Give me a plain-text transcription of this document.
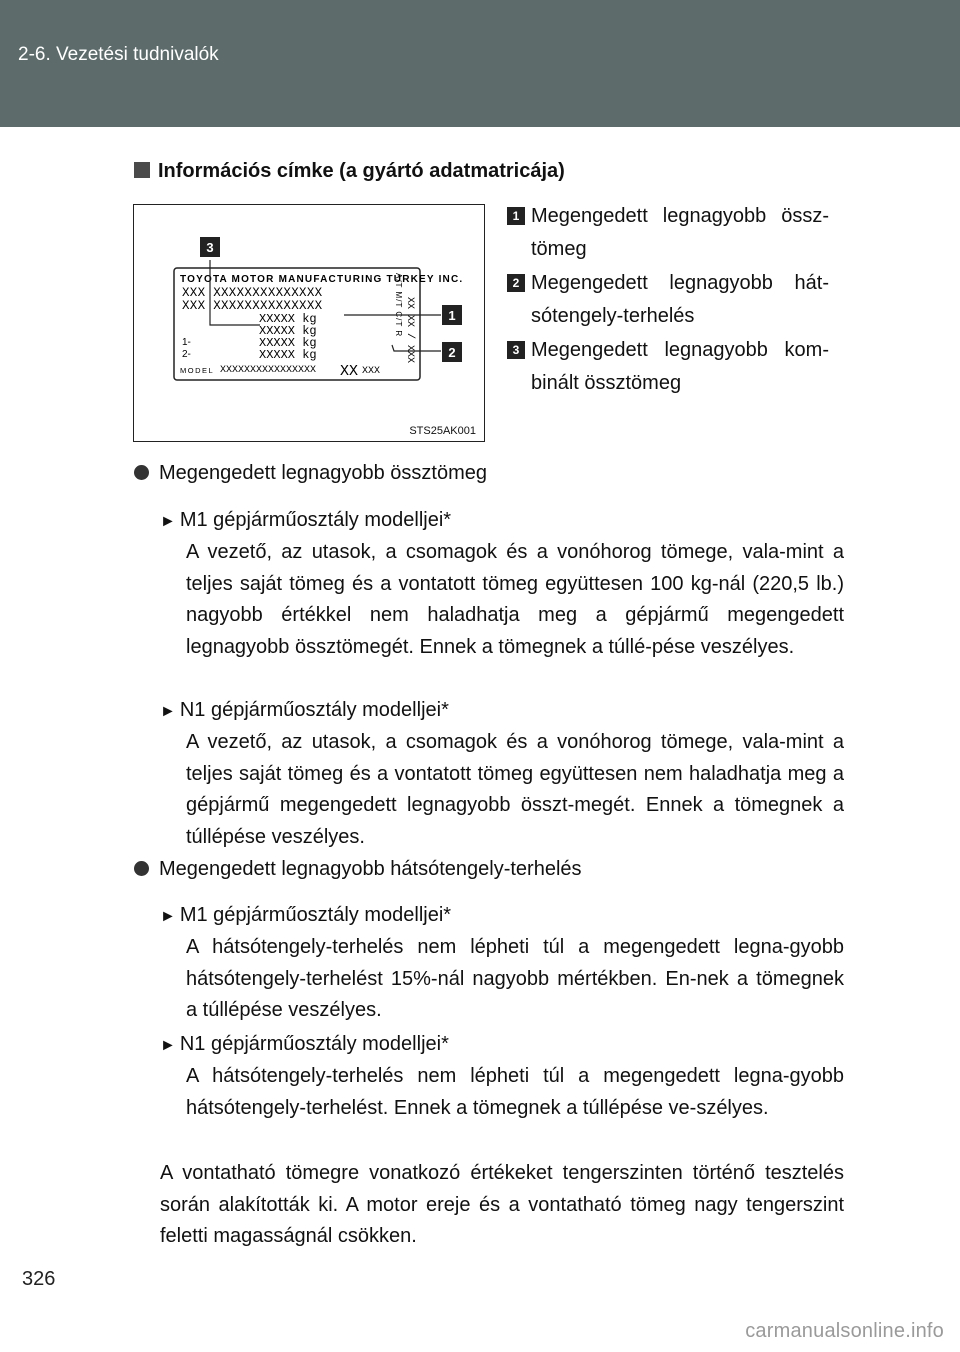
2-6. Vezetési tudnivalók
Információs címke (a gyártó adatmatricája)
TOYOTA MOTOR MANUFACTURING TURKEY INC.
XXX XXXXXXXXXXXXXX
XXX XXXXXXXXXXXXXX
XXXXX kg
XXXXX kg
XXXXX kg
XXXXX kg
1-
2-
MODEL XXXXXXXXXXXXXXXX XX XXX
A/T M/T C/T R XX XX / XXX
3
1
2
STS25AK001
1 Megengedett legnagyobb össz-tömeg
2 Megengedett legnagyobb hát-sótengely-terhelés
3 Megengedett legnagyobb kom-binált össztömeg
Megengedett legnagyobb össztömeg
► M1 gépjárműosztály modelljei*
A vezető, az utasok, a csomagok és a vonóhorog tömege, vala-mint a teljes saját tömeg és a vontatott tömeg együttesen 100 kg-nál (220,5 lb.) nagyobb értékkel nem haladhatja meg a gépjármű megengedett legnagyobb össztömegét. Ennek a tömegnek a túllé-pése veszélyes.
► N1 gépjárműosztály modelljei*
A vezető, az utasok, a csomagok és a vonóhorog tömege, vala-mint a teljes saját tömeg és a vontatott tömeg együttesen nem haladhatja meg a gépjármű megengedett legnagyobb összt-megét. Ennek a tömegnek a túllépése veszélyes.
Megengedett legnagyobb hátsótengely-terhelés
► M1 gépjárműosztály modelljei*
A hátsótengely-terhelés nem lépheti túl a megengedett legna-gyobb hátsótengely-terhelést 15%-nál nagyobb mértékben. En-nek a tömegnek a túllépése veszélyes.
► N1 gépjárműosztály modelljei*
A hátsótengely-terhelés nem lépheti túl a megengedett legna-gyobb hátsótengely-terhelést. Ennek a tömegnek a túllépése ve-szélyes.
A vontatható tömegre vonatkozó értékeket tengerszinten történő tesztelés során alakították ki. A motor ereje és a vontatható tömeg nagy tengerszint feletti magasságnál csökken.
326
carmanualsonline.info
